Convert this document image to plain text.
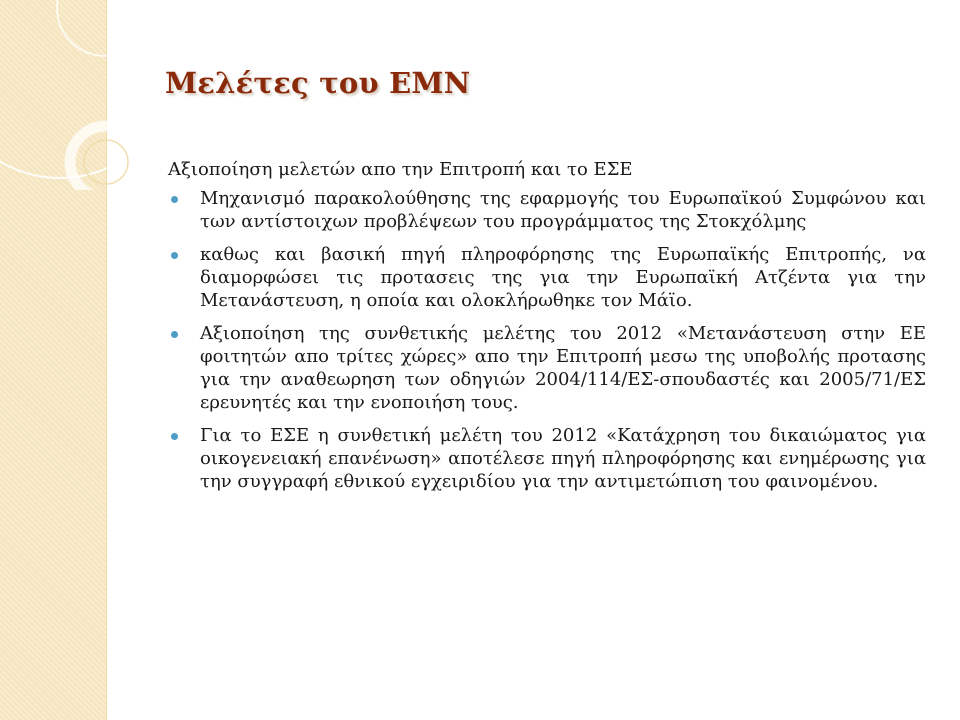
Μελέτες του ΕΜΝ

Αξιοποίηση μελετών απο την Επιτροπή και το ΕΣΕ

Μηχανισμό παρακολούθησης της εφαρμογής του Ευρωπαϊκού Συμφώνου και των αντίστοιχων προβλέψεων του προγράμματος της Στοκχόλμης
καθως και βασική πηγή πληροφόρησης της Ευρωπαϊκής Επιτροπής, να διαμορφώσει τις προτασεις της για την Ευρωπαϊκή Ατζέντα για την Μετανάστευση, η οποία και ολοκλήρωθηκε τον Μάϊο.
Αξιοποίηση της συνθετικής μελέτης του 2012 «Μετανάστευση στην ΕΕ φοιτητών απο τρίτες χώρες» απο την Επιτροπή μεσω της υποβολής προτασης για την αναθεωρηση των οδηγιών 2004/114/ΕΣ-σπουδαστές και 2005/71/ΕΣ ερευνητές και την ενοποιήση τους.
Για το ΕΣΕ η συνθετική μελέτη του 2012 «Κατάχρηση του δικαιώματος για οικογενειακή επανένωση» αποτέλεσε πηγή πληροφόρησης και ενημέρωσης για την συγγραφή εθνικού εγχειριδίου για την αντιμετώπιση του φαινομένου.
